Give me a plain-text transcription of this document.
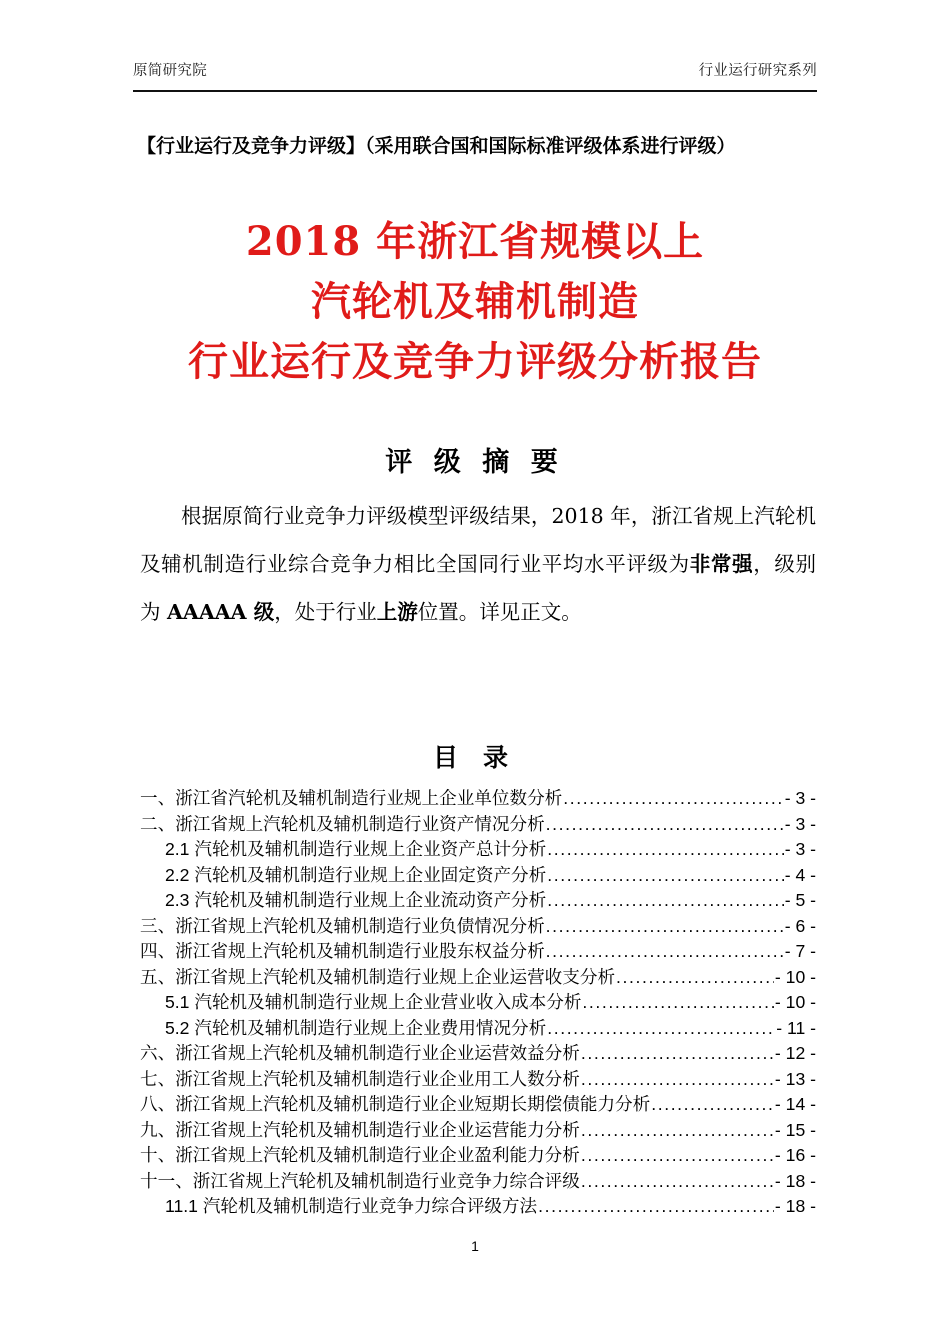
原简研究院	行业运行研究系列
【行业运行及竞争力评级】（采用联合国和国际标准评级体系进行评级）
2018 年浙江省规模以上
汽轮机及辅机制造
行业运行及竞争力评级分析报告
评 级 摘 要
根据原简行业竞争力评级模型评级结果，2018 年，浙江省规上汽轮机及辅机制造行业综合竞争力相比全国同行业平均水平评级为非常强，级别为 AAAAA 级，处于行业上游位置。详见正文。
目 录
一、浙江省汽轮机及辅机制造行业规上企业单位数分析 .....	- 3 -
二、浙江省规上汽轮机及辅机制造行业资产情况分析 .....	- 3 -
2.1 汽轮机及辅机制造行业规上企业资产总计分析 .....	- 3 -
2.2 汽轮机及辅机制造行业规上企业固定资产分析 .....	- 4 -
2.3 汽轮机及辅机制造行业规上企业流动资产分析 .....	- 5 -
三、浙江省规上汽轮机及辅机制造行业负债情况分析 .....	- 6 -
四、浙江省规上汽轮机及辅机制造行业股东权益分析 .....	- 7 -
五、浙江省规上汽轮机及辅机制造行业规上企业运营收支分析 .....	- 10 -
5.1 汽轮机及辅机制造行业规上企业营业收入成本分析 .....	- 10 -
5.2 汽轮机及辅机制造行业规上企业费用情况分析 .....	- 11 -
六、浙江省规上汽轮机及辅机制造行业企业运营效益分析 .....	- 12 -
七、浙江省规上汽轮机及辅机制造行业企业用工人数分析 .....	- 13 -
八、浙江省规上汽轮机及辅机制造行业企业短期长期偿债能力分析 .....	- 14 -
九、浙江省规上汽轮机及辅机制造行业企业运营能力分析 .....	- 15 -
十、浙江省规上汽轮机及辅机制造行业企业盈利能力分析 .....	- 16 -
十一、浙江省规上汽轮机及辅机制造行业竞争力综合评级 .....	- 18 -
11.1 汽轮机及辅机制造行业竞争力综合评级方法 .....	- 18 -
1
